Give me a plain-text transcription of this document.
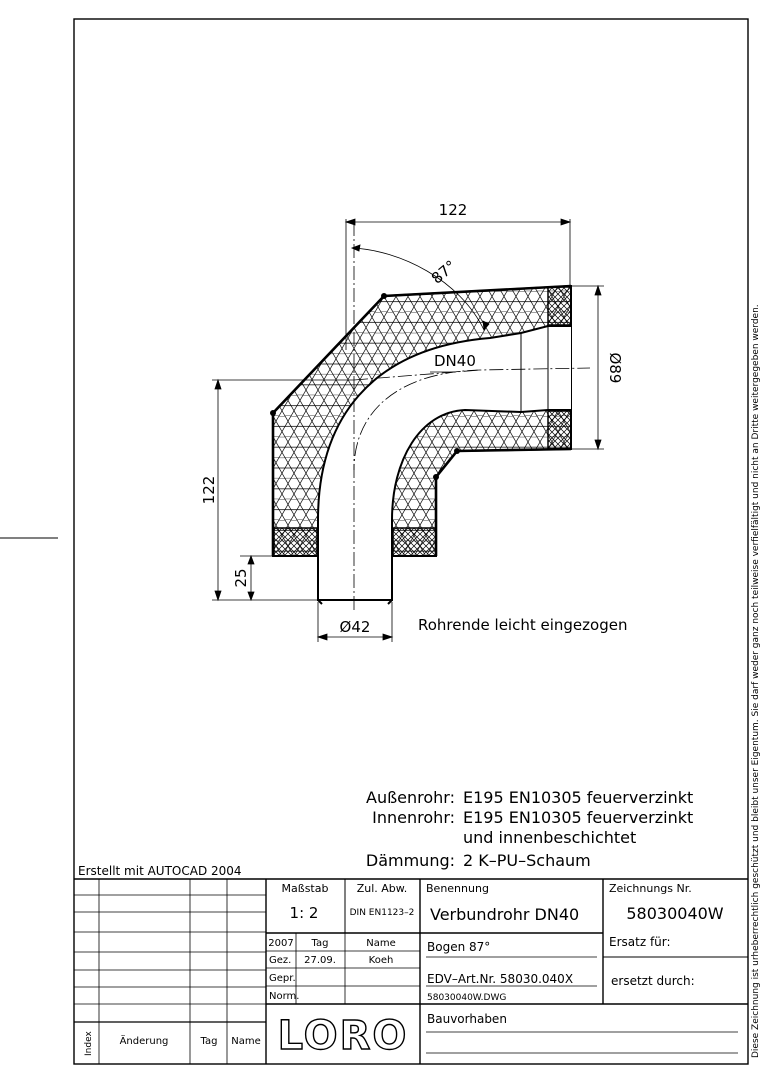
Diese Zeichnung ist urheberrechtlich geschützt und bleibt unser Eigentum. Sie darf weder ganz noch teilweise verfielfältigt und nicht an Dritte weitergegeben werden.
122
87°
Ø89
DN40
122
25
Ø42	Rohrende leicht eingezogen
Außenrohr: E195 EN10305 feuerverzinkt
Innenrohr: E195 EN10305 feuerverzinkt
und innenbeschichtet
Dämmung: 2 K–PU–Schaum
Erstellt mit AUTOCAD 2004
Maßstab
1: 2
Zul. Abw.
DIN EN1123–2
Benennung
Verbundrohr DN40
Zeichnungs Nr.
58030040W
2007 Tag	Name
Gez. 27.09.	Koeh
Gepr.
Norm.
Bogen 87°
EDV–Art.Nr. 58030.040X
58030040W.DWG
Ersatz für:
ersetzt durch:
Bauvorhaben
Index	Änderung	Tag Name LORO
